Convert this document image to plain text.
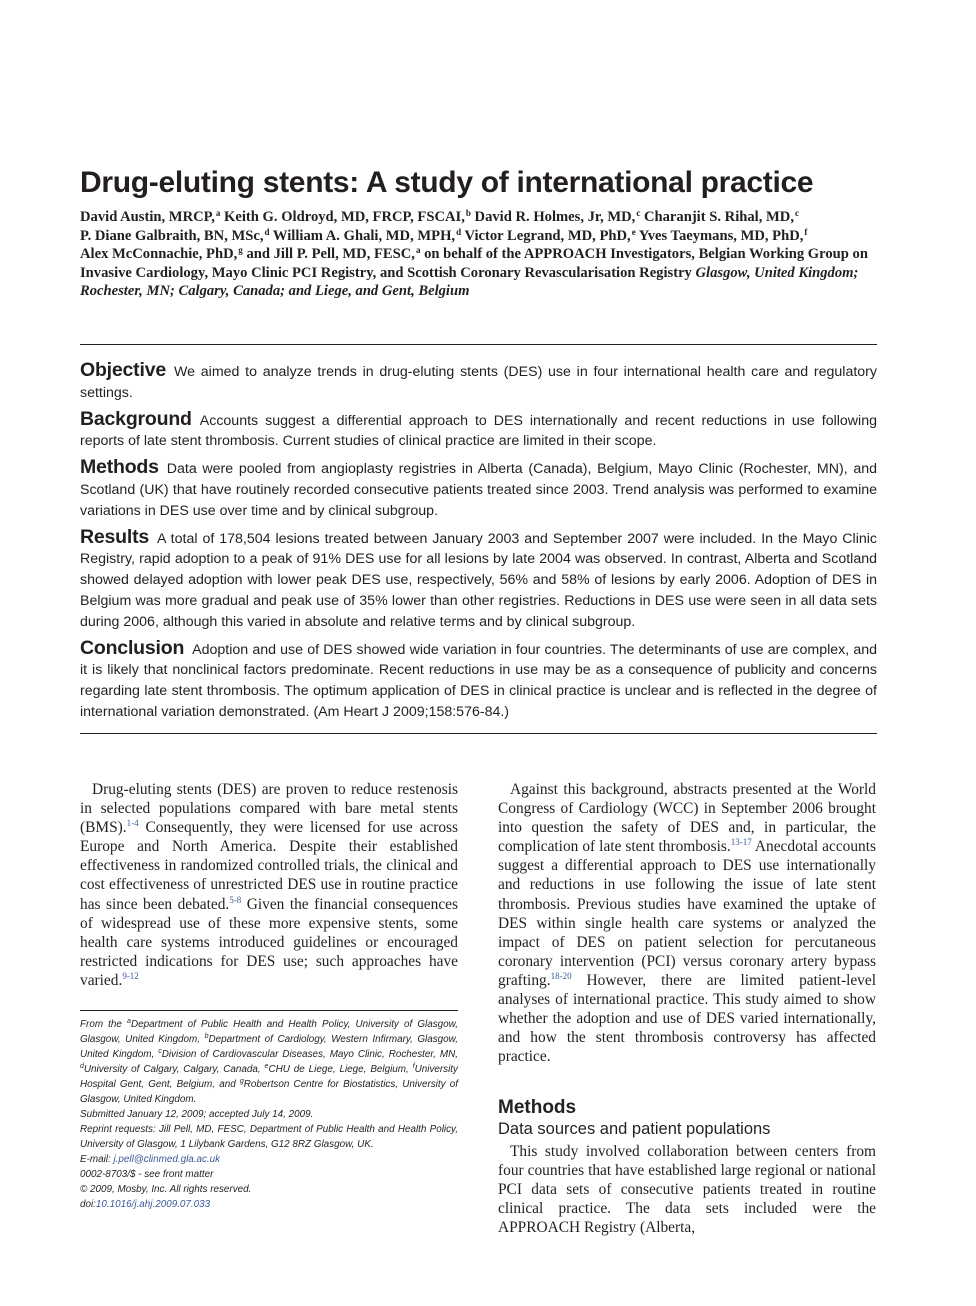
Drug-eluting stents: A study of international practice
David Austin, MRCP,$^a$ Keith G. Oldroyd, MD, FRCP, FSCAI,$^b$ David R. Holmes, Jr, MD,$^c$ Charanjit S. Rihal, MD,$^c$
P. Diane Galbraith, BN, MSc,$^d$ William A. Ghali, MD, MPH,$^d$ Victor Legrand, MD, PhD,$^e$ Yves Taeymans, MD, PhD,$^f$
Alex McConnachie, PhD,$^g$ and Jill P. Pell, MD, FESC,$^a$ on behalf of the APPROACH Investigators, Belgian Working Group on Invasive Cardiology, Mayo Clinic PCI Registry, and Scottish Coronary Revascularisation Registry Glasgow, United Kingdom; Rochester, MN; Calgary, Canada; and Liege, and Gent, Belgium

Objective We aimed to analyze trends in drug-eluting stents (DES) use in four international health care and regulatory settings.

Background Accounts suggest a differential approach to DES internationally and recent reductions in use following reports of late stent thrombosis. Current studies of clinical practice are limited in their scope.

Methods Data were pooled from angioplasty registries in Alberta (Canada), Belgium, Mayo Clinic (Rochester, MN), and Scotland (UK) that have routinely recorded consecutive patients treated since 2003. Trend analysis was performed to examine variations in DES use over time and by clinical subgroup.

Results A total of 178,504 lesions treated between January 2003 and September 2007 were included. In the Mayo Clinic Registry, rapid adoption to a peak of 91% DES use for all lesions by late 2004 was observed. In contrast, Alberta and Scotland showed delayed adoption with lower peak DES use, respectively, 56% and 58% of lesions by early 2006. Adoption of DES in Belgium was more gradual and peak use of 35% lower than other registries. Reductions in DES use were seen in all data sets during 2006, although this varied in absolute and relative terms and by clinical subgroup.

Conclusion Adoption and use of DES showed wide variation in four countries. The determinants of use are complex, and it is likely that nonclinical factors predominate. Recent reductions in use may be as a consequence of publicity and concerns regarding late stent thrombosis. The optimum application of DES in clinical practice is unclear and is reflected in the degree of international variation demonstrated. (Am Heart J 2009;158:576-84.)

Drug-eluting stents (DES) are proven to reduce restenosis in selected populations compared with bare metal stents (BMS).$^{1-4}$ Consequently, they were licensed for use across Europe and North America. Despite their established effectiveness in randomized controlled trials, the clinical and cost effectiveness of unrestricted DES use in routine practice has since been debated.$^{5-8}$ Given the financial consequences of widespread use of these more expensive stents, some health care systems introduced guidelines or encouraged restricted indications for DES use; such approaches have varied.$^{9-12}$

From the $^a$Department of Public Health and Health Policy, University of Glasgow, Glasgow, United Kingdom, $^b$Department of Cardiology, Western Infirmary, Glasgow, United Kingdom, $^c$Division of Cardiovascular Diseases, Mayo Clinic, Rochester, MN, $^d$University of Calgary, Calgary, Canada, $^e$CHU de Liege, Liege, Belgium, $^f$University Hospital Gent, Gent, Belgium, and $^g$Robertson Centre for Biostatistics, University of Glasgow, United Kingdom.
Submitted January 12, 2009; accepted July 14, 2009.
Reprint requests: Jill Pell, MD, FESC, Department of Public Health and Health Policy, University of Glasgow, 1 Lilybank Gardens, G12 8RZ Glasgow, UK.
E-mail: j.pell@clinmed.gla.ac.uk
0002-8703/$ - see front matter
© 2009, Mosby, Inc. All rights reserved.
doi:10.1016/j.ahj.2009.07.033

Against this background, abstracts presented at the World Congress of Cardiology (WCC) in September 2006 brought into question the safety of DES and, in particular, the complication of late stent thrombosis.$^{13-17}$ Anecdotal accounts suggest a differential approach to DES use internationally and reductions in use following the issue of late stent thrombosis. Previous studies have examined the uptake of DES within single health care systems or analyzed the impact of DES on patient selection for percutaneous coronary intervention (PCI) versus coronary artery bypass grafting.$^{18-20}$ However, there are limited patient-level analyses of international practice. This study aimed to show whether the adoption and use of DES varied internationally, and how the stent thrombosis controversy has affected practice.

Methods
Data sources and patient populations

This study involved collaboration between centers from four countries that have established large regional or national PCI data sets of consecutive patients treated in routine clinical practice. The data sets included were the APPROACH Registry (Alberta,
